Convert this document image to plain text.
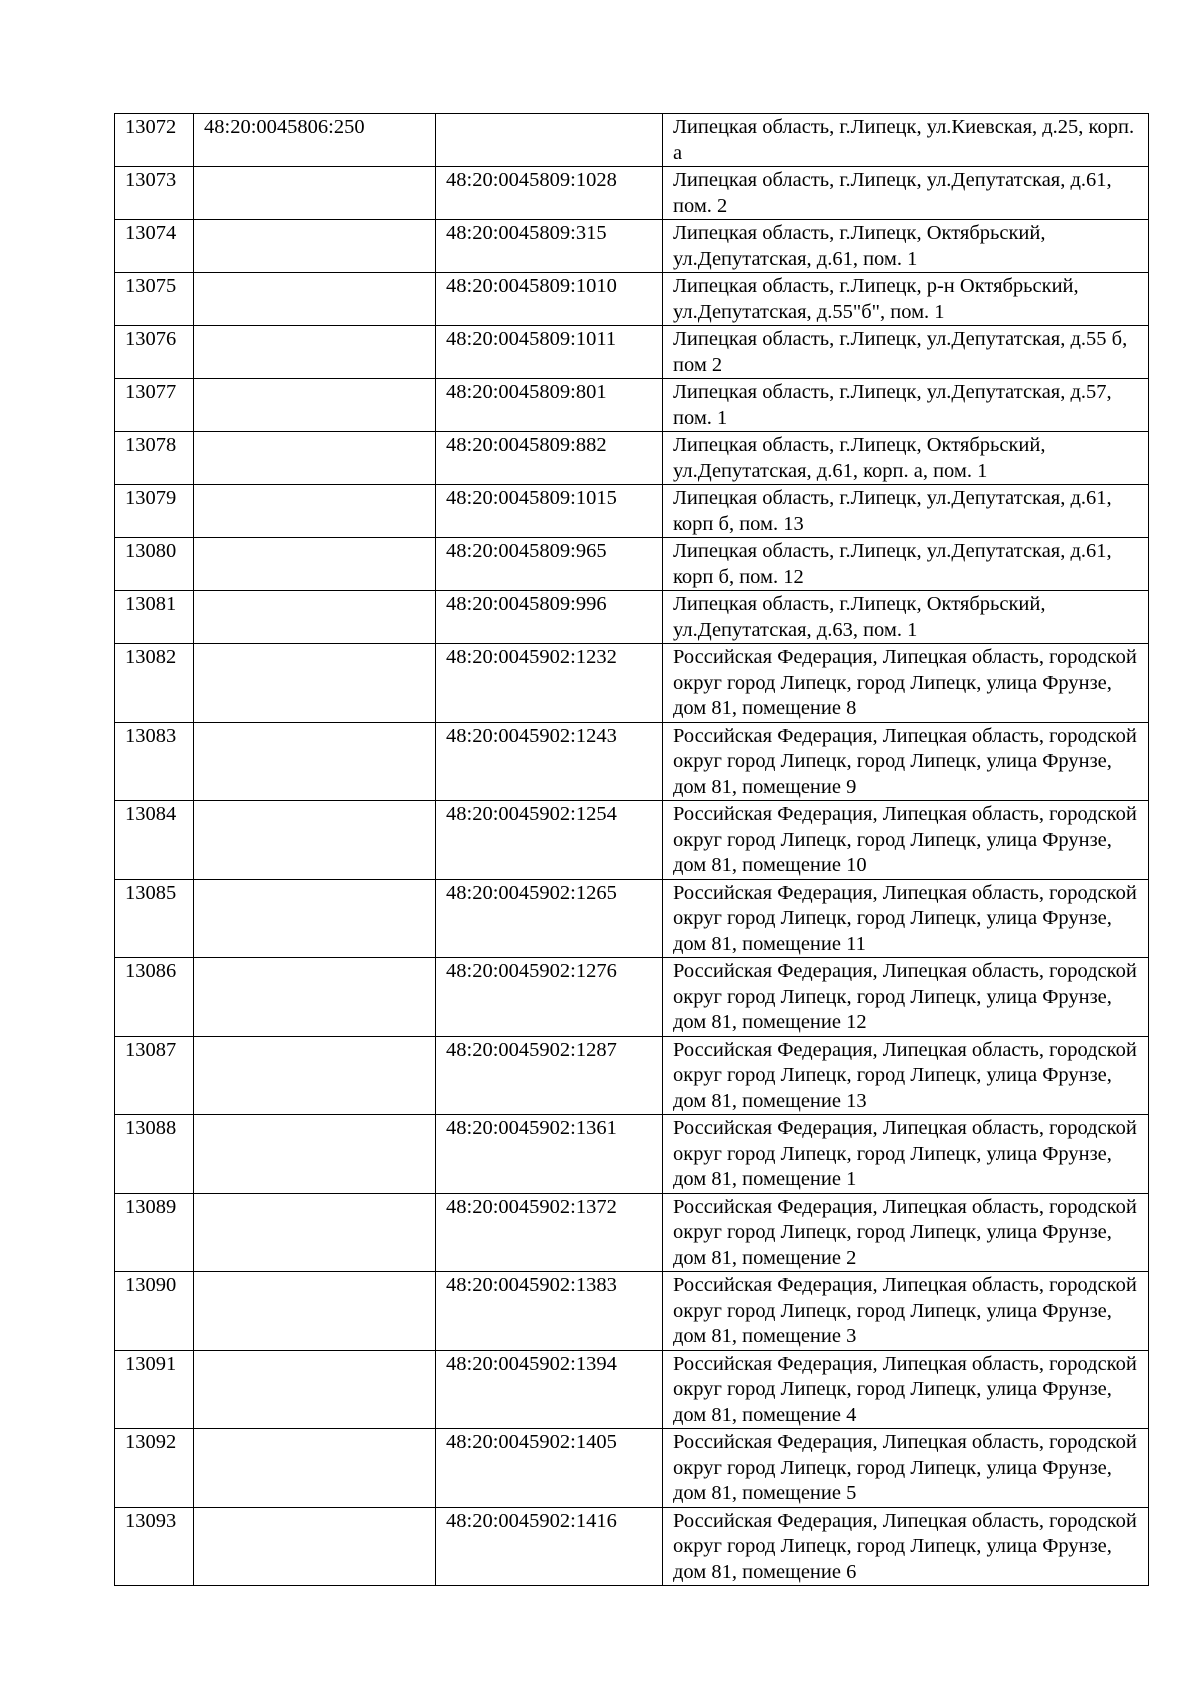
13072	48:20:0045806:250		Липецкая область, г.Липецк, ул.Киевская, д.25, корп. а
13073		48:20:0045809:1028	Липецкая область, г.Липецк, ул.Депутатская, д.61, пом. 2
13074		48:20:0045809:315	Липецкая область, г.Липецк, Октябрьский, ул.Депутатская, д.61, пом. 1
13075		48:20:0045809:1010	Липецкая область, г.Липецк, р-н Октябрьский, ул.Депутатская, д.55"б", пом. 1
13076		48:20:0045809:1011	Липецкая область, г.Липецк, ул.Депутатская, д.55 б, пом 2
13077		48:20:0045809:801	Липецкая область, г.Липецк, ул.Депутатская, д.57, пом. 1
13078		48:20:0045809:882	Липецкая область, г.Липецк, Октябрьский, ул.Депутатская, д.61, корп. а, пом. 1
13079		48:20:0045809:1015	Липецкая область, г.Липецк, ул.Депутатская, д.61, корп б, пом. 13
13080		48:20:0045809:965	Липецкая область, г.Липецк, ул.Депутатская, д.61, корп б, пом. 12
13081		48:20:0045809:996	Липецкая область, г.Липецк, Октябрьский, ул.Депутатская, д.63, пом. 1
13082		48:20:0045902:1232	Российская Федерация, Липецкая область, городской округ город Липецк, город Липецк, улица Фрунзе, дом 81, помещение 8
13083		48:20:0045902:1243	Российская Федерация, Липецкая область, городской округ город Липецк, город Липецк, улица Фрунзе, дом 81, помещение 9
13084		48:20:0045902:1254	Российская Федерация, Липецкая область, городской округ город Липецк, город Липецк, улица Фрунзе, дом 81, помещение 10
13085		48:20:0045902:1265	Российская Федерация, Липецкая область, городской округ город Липецк, город Липецк, улица Фрунзе, дом 81, помещение 11
13086		48:20:0045902:1276	Российская Федерация, Липецкая область, городской округ город Липецк, город Липецк, улица Фрунзе, дом 81, помещение 12
13087		48:20:0045902:1287	Российская Федерация, Липецкая область, городской округ город Липецк, город Липецк, улица Фрунзе, дом 81, помещение 13
13088		48:20:0045902:1361	Российская Федерация, Липецкая область, городской округ город Липецк, город Липецк, улица Фрунзе, дом 81, помещение 1
13089		48:20:0045902:1372	Российская Федерация, Липецкая область, городской округ город Липецк, город Липецк, улица Фрунзе, дом 81, помещение 2
13090		48:20:0045902:1383	Российская Федерация, Липецкая область, городской округ город Липецк, город Липецк, улица Фрунзе, дом 81, помещение 3
13091		48:20:0045902:1394	Российская Федерация, Липецкая область, городской округ город Липецк, город Липецк, улица Фрунзе, дом 81, помещение 4
13092		48:20:0045902:1405	Российская Федерация, Липецкая область, городской округ город Липецк, город Липецк, улица Фрунзе, дом 81, помещение 5
13093		48:20:0045902:1416	Российская Федерация, Липецкая область, городской округ город Липецк, город Липецк, улица Фрунзе, дом 81, помещение 6
